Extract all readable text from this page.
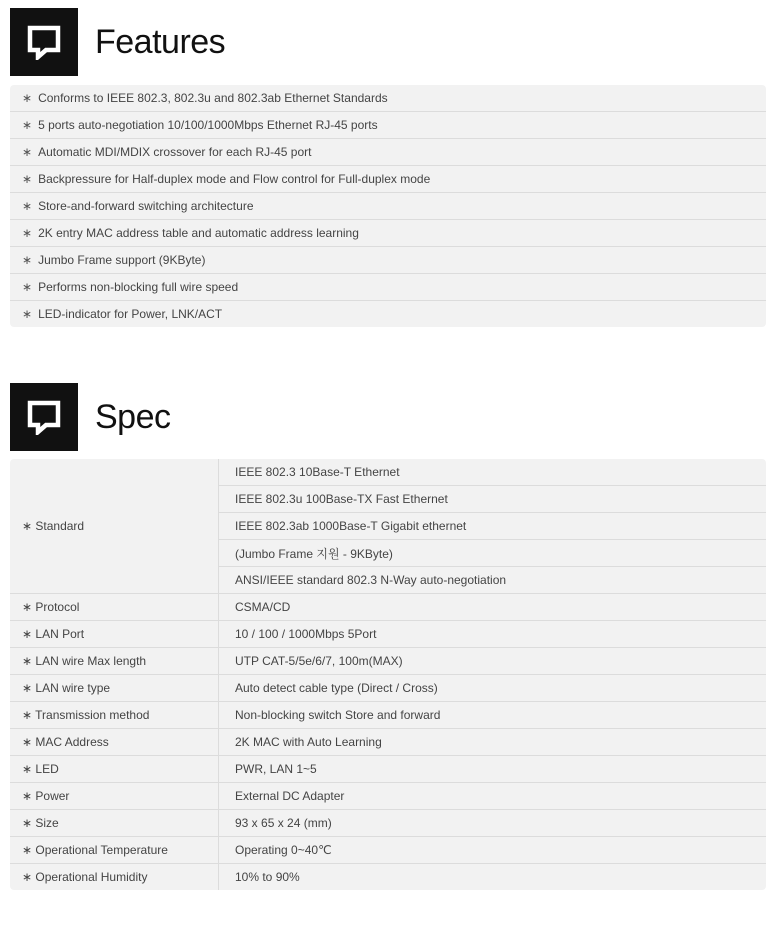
Features
∗ Conforms to IEEE 802.3, 802.3u and 802.3ab Ethernet Standards
∗ 5 ports auto-negotiation 10/100/1000Mbps Ethernet RJ-45 ports
∗ Automatic MDI/MDIX crossover for each RJ-45 port
∗ Backpressure for Half-duplex mode and Flow control for Full-duplex mode
∗ Store-and-forward switching architecture
∗ 2K entry MAC address table and automatic address learning
∗ Jumbo Frame support (9KByte)
∗ Performs non-blocking full wire speed
∗ LED-indicator for Power, LNK/ACT
Spec
∗ Standard	IEEE 802.3 10Base-T Ethernet
	IEEE 802.3u 100Base-TX Fast Ethernet
	IEEE 802.3ab 1000Base-T Gigabit ethernet
	(Jumbo Frame 지원 - 9KByte)
	ANSI/IEEE standard 802.3 N-Way auto-negotiation
∗ Protocol	CSMA/CD
∗ LAN Port	10 / 100 / 1000Mbps 5Port
∗ LAN wire Max length	UTP CAT-5/5e/6/7, 100m(MAX)
∗ LAN wire type	Auto detect cable type (Direct / Cross)
∗ Transmission method	Non-blocking switch Store and forward
∗ MAC Address	2K MAC with Auto Learning
∗ LED	PWR, LAN 1~5
∗ Power	External DC Adapter
∗ Size	93 x 65 x 24 (mm)
∗ Operational Temperature	Operating 0~40℃
∗ Operational Humidity	10% to 90%
